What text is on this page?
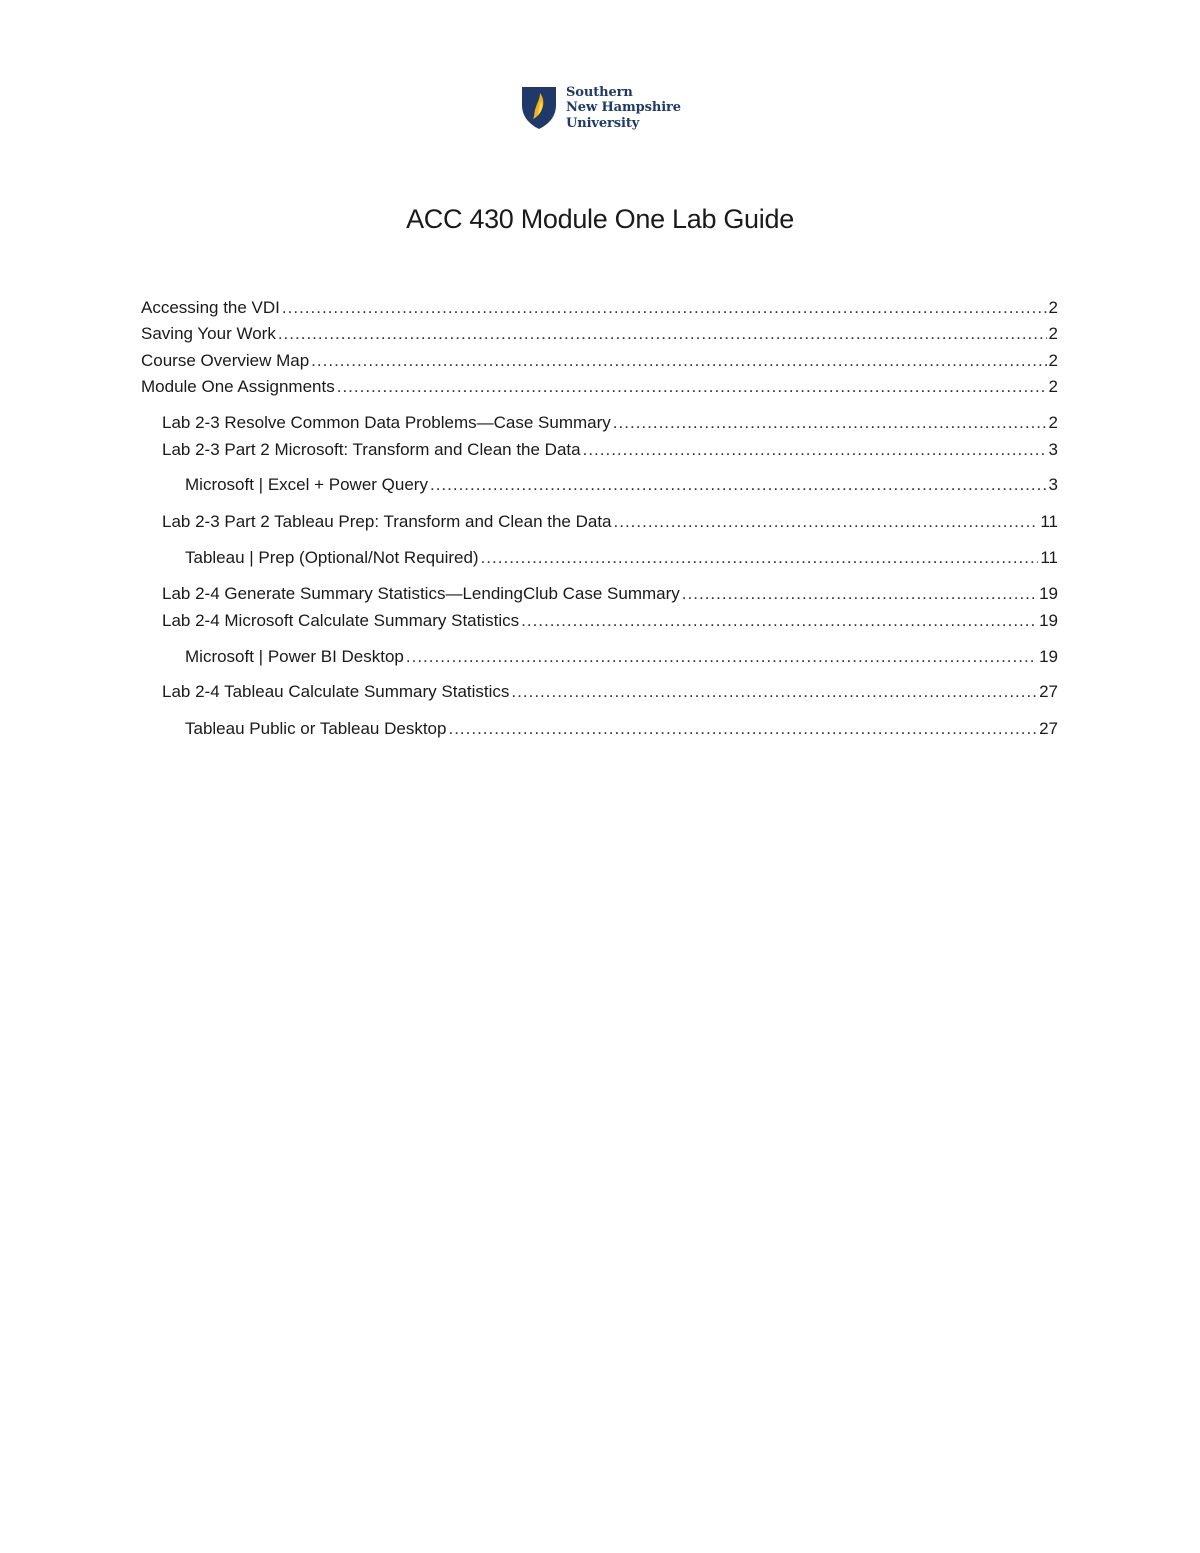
Southern
New Hampshire
University
ACC 430 Module One Lab Guide
Accessing the VDI .....	2
Saving Your Work .....	2
Course Overview Map .....	2
Module One Assignments .....	2
Lab 2-3 Resolve Common Data Problems—Case Summary .....	2
Lab 2-3 Part 2 Microsoft: Transform and Clean the Data .....	3
Microsoft | Excel + Power Query .....	3
Lab 2-3 Part 2 Tableau Prep: Transform and Clean the Data .....	11
Tableau | Prep (Optional/Not Required) .....	11
Lab 2-4 Generate Summary Statistics—LendingClub Case Summary .....	19
Lab 2-4 Microsoft Calculate Summary Statistics .....	19
Microsoft | Power BI Desktop .....	19
Lab 2-4 Tableau Calculate Summary Statistics .....	27
Tableau Public or Tableau Desktop .....	27
